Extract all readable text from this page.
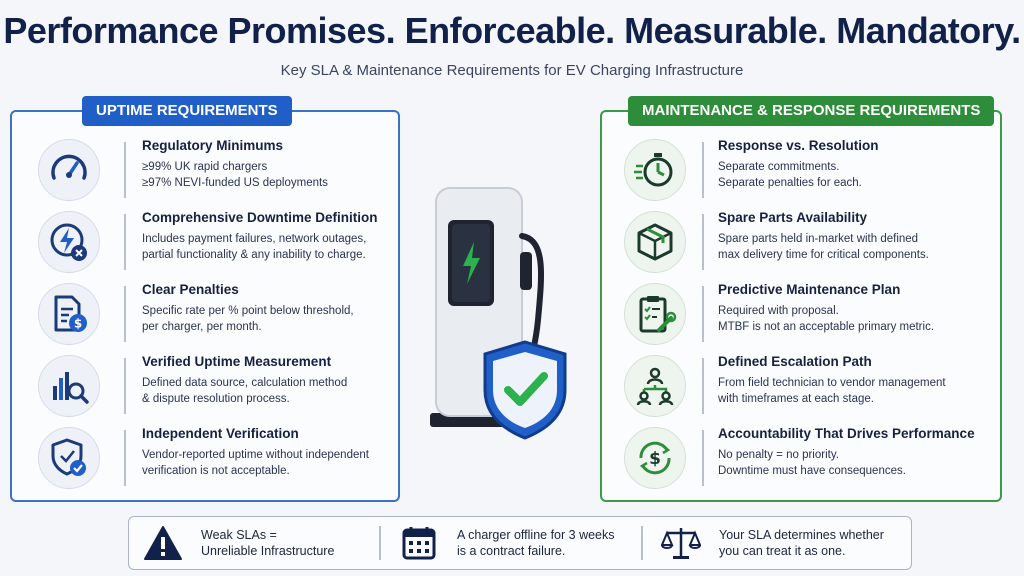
Performance Promises. Enforceable. Measurable. Mandatory.
Key SLA & Maintenance Requirements for EV Charging Infrastructure
UPTIME REQUIREMENTS
Regulatory Minimums
≥99% UK rapid chargers
≥97% NEVI-funded US deployments
Comprehensive Downtime Definition
Includes payment failures, network outages,
partial functionality & any inability to charge.
$
Clear Penalties
Specific rate per % point below threshold,
per charger, per month.
Verified Uptime Measurement
Defined data source, calculation method
& dispute resolution process.
Independent Verification
Vendor-reported uptime without independent
verification is not acceptable.
MAINTENANCE & RESPONSE REQUIREMENTS
Response vs. Resolution
Separate commitments.
Separate penalties for each.
Spare Parts Availability
Spare parts held in-market with defined
max delivery time for critical components.
Predictive Maintenance Plan
Required with proposal.
MTBF is not an acceptable primary metric.
Defined Escalation Path
From field technician to vendor management
with timeframes at each stage.
$
Accountability That Drives Performance
No penalty = no priority.
Downtime must have consequences.
Weak SLAs =
Unreliable Infrastructure
A charger offline for 3 weeks
is a contract failure.
Your SLA determines whether
you can treat it as one.
